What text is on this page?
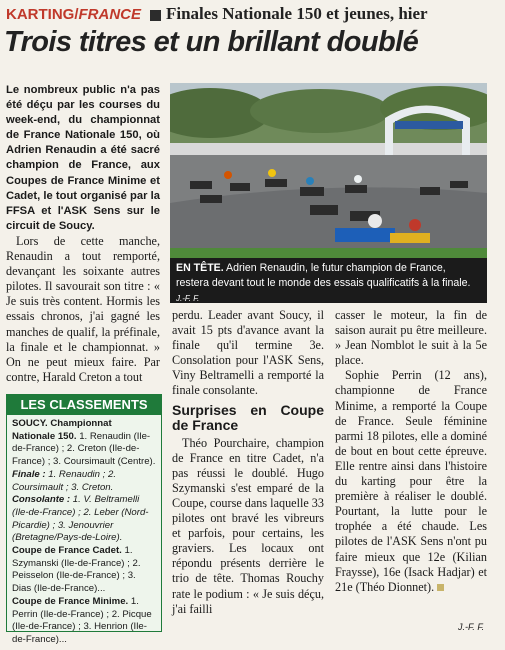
KARTING/FRANCE Finales Nationale 150 et jeunes, hier
Trois titres et un brillant doublé

Le nombreux public n'a pas été déçu par les courses du week-end, du championnat de France Nationale 150, où Adrien Renaudin a été sacré champion de France, aux Coupes de France Minime et Cadet, le tout organisé par la FFSA et l'ASK Sens sur le circuit de Soucy.

Lors de cette manche, Renaudin a tout remporté, devançant les soixante autres pilotes. Il savourait son titre : « Je suis très content. Hormis les essais chronos, j'ai gagné les manches de qualif, la préfinale, la finale et le championnat. » On ne peut mieux faire. Par contre, Harald Creton a tout

EN TÊTE. Adrien Renaudin, le futur champion de France, restera devant tout le monde des essais qualificatifs à la finale. J.-F. F.

perdu. Leader avant Soucy, il avait 15 pts d'avance avant la finale qu'il termine 3e. Consolation pour l'ASK Sens, Viny Beltramelli a remporté la finale consolante.

Surprises en Coupe de France

Théo Pourchaire, champion de France en titre Cadet, n'a pas réussi le doublé. Hugo Szymanski s'est emparé de la Coupe, course dans laquelle 33 pilotes ont bravé les vibreurs et parfois, pour certains, les graviers. Les locaux ont répondu présents derrière le trio de tête. Thomas Rouchy rate le podium : « Je suis déçu, j'ai failli

casser le moteur, la fin de saison aurait pu être meilleure. » Jean Nomblot le suit à la 5e place.

Sophie Perrin (12 ans), championne de France Minime, a remporté la Coupe de France. Seule féminine parmi 18 pilotes, elle a dominé de bout en bout cette épreuve. Elle rentre ainsi dans l'histoire du karting pour être la première à réaliser le doublé. Pourtant, la lutte pour le trophée a été chaude. Les pilotes de l'ASK Sens n'ont pu faire mieux que 12e (Kilian Frayssе), 16e (Isack Hadjar) et 21e (Théo Dionnet).

LES CLASSEMENTS
SOUCY. Championnat Nationale 150. 1. Renaudin (Ile-de-France) ; 2. Creton (Ile-de-France) ; 3. Coursimault (Centre). Finale : 1. Renaudin ; 2. Coursimault ; 3. Creton. Consolante : 1. V. Beltramelli (Ile-de-France) ; 2. Leber (Nord-Picardie) ; 3. Jenouvrier (Bretagne/Pays-de-Loire).
Coupe de France Cadet. 1. Szymanski (Ile-de-France) ; 2. Peisselon (Ile-de-France) ; 3. Dias (Ile-de-France)...
Coupe de France Minime. 1. Perrin (Ile-de-France) ; 2. Picque (Ile-de-France) ; 3. Henrion (Ile-de-France)...
J.-F. F.
